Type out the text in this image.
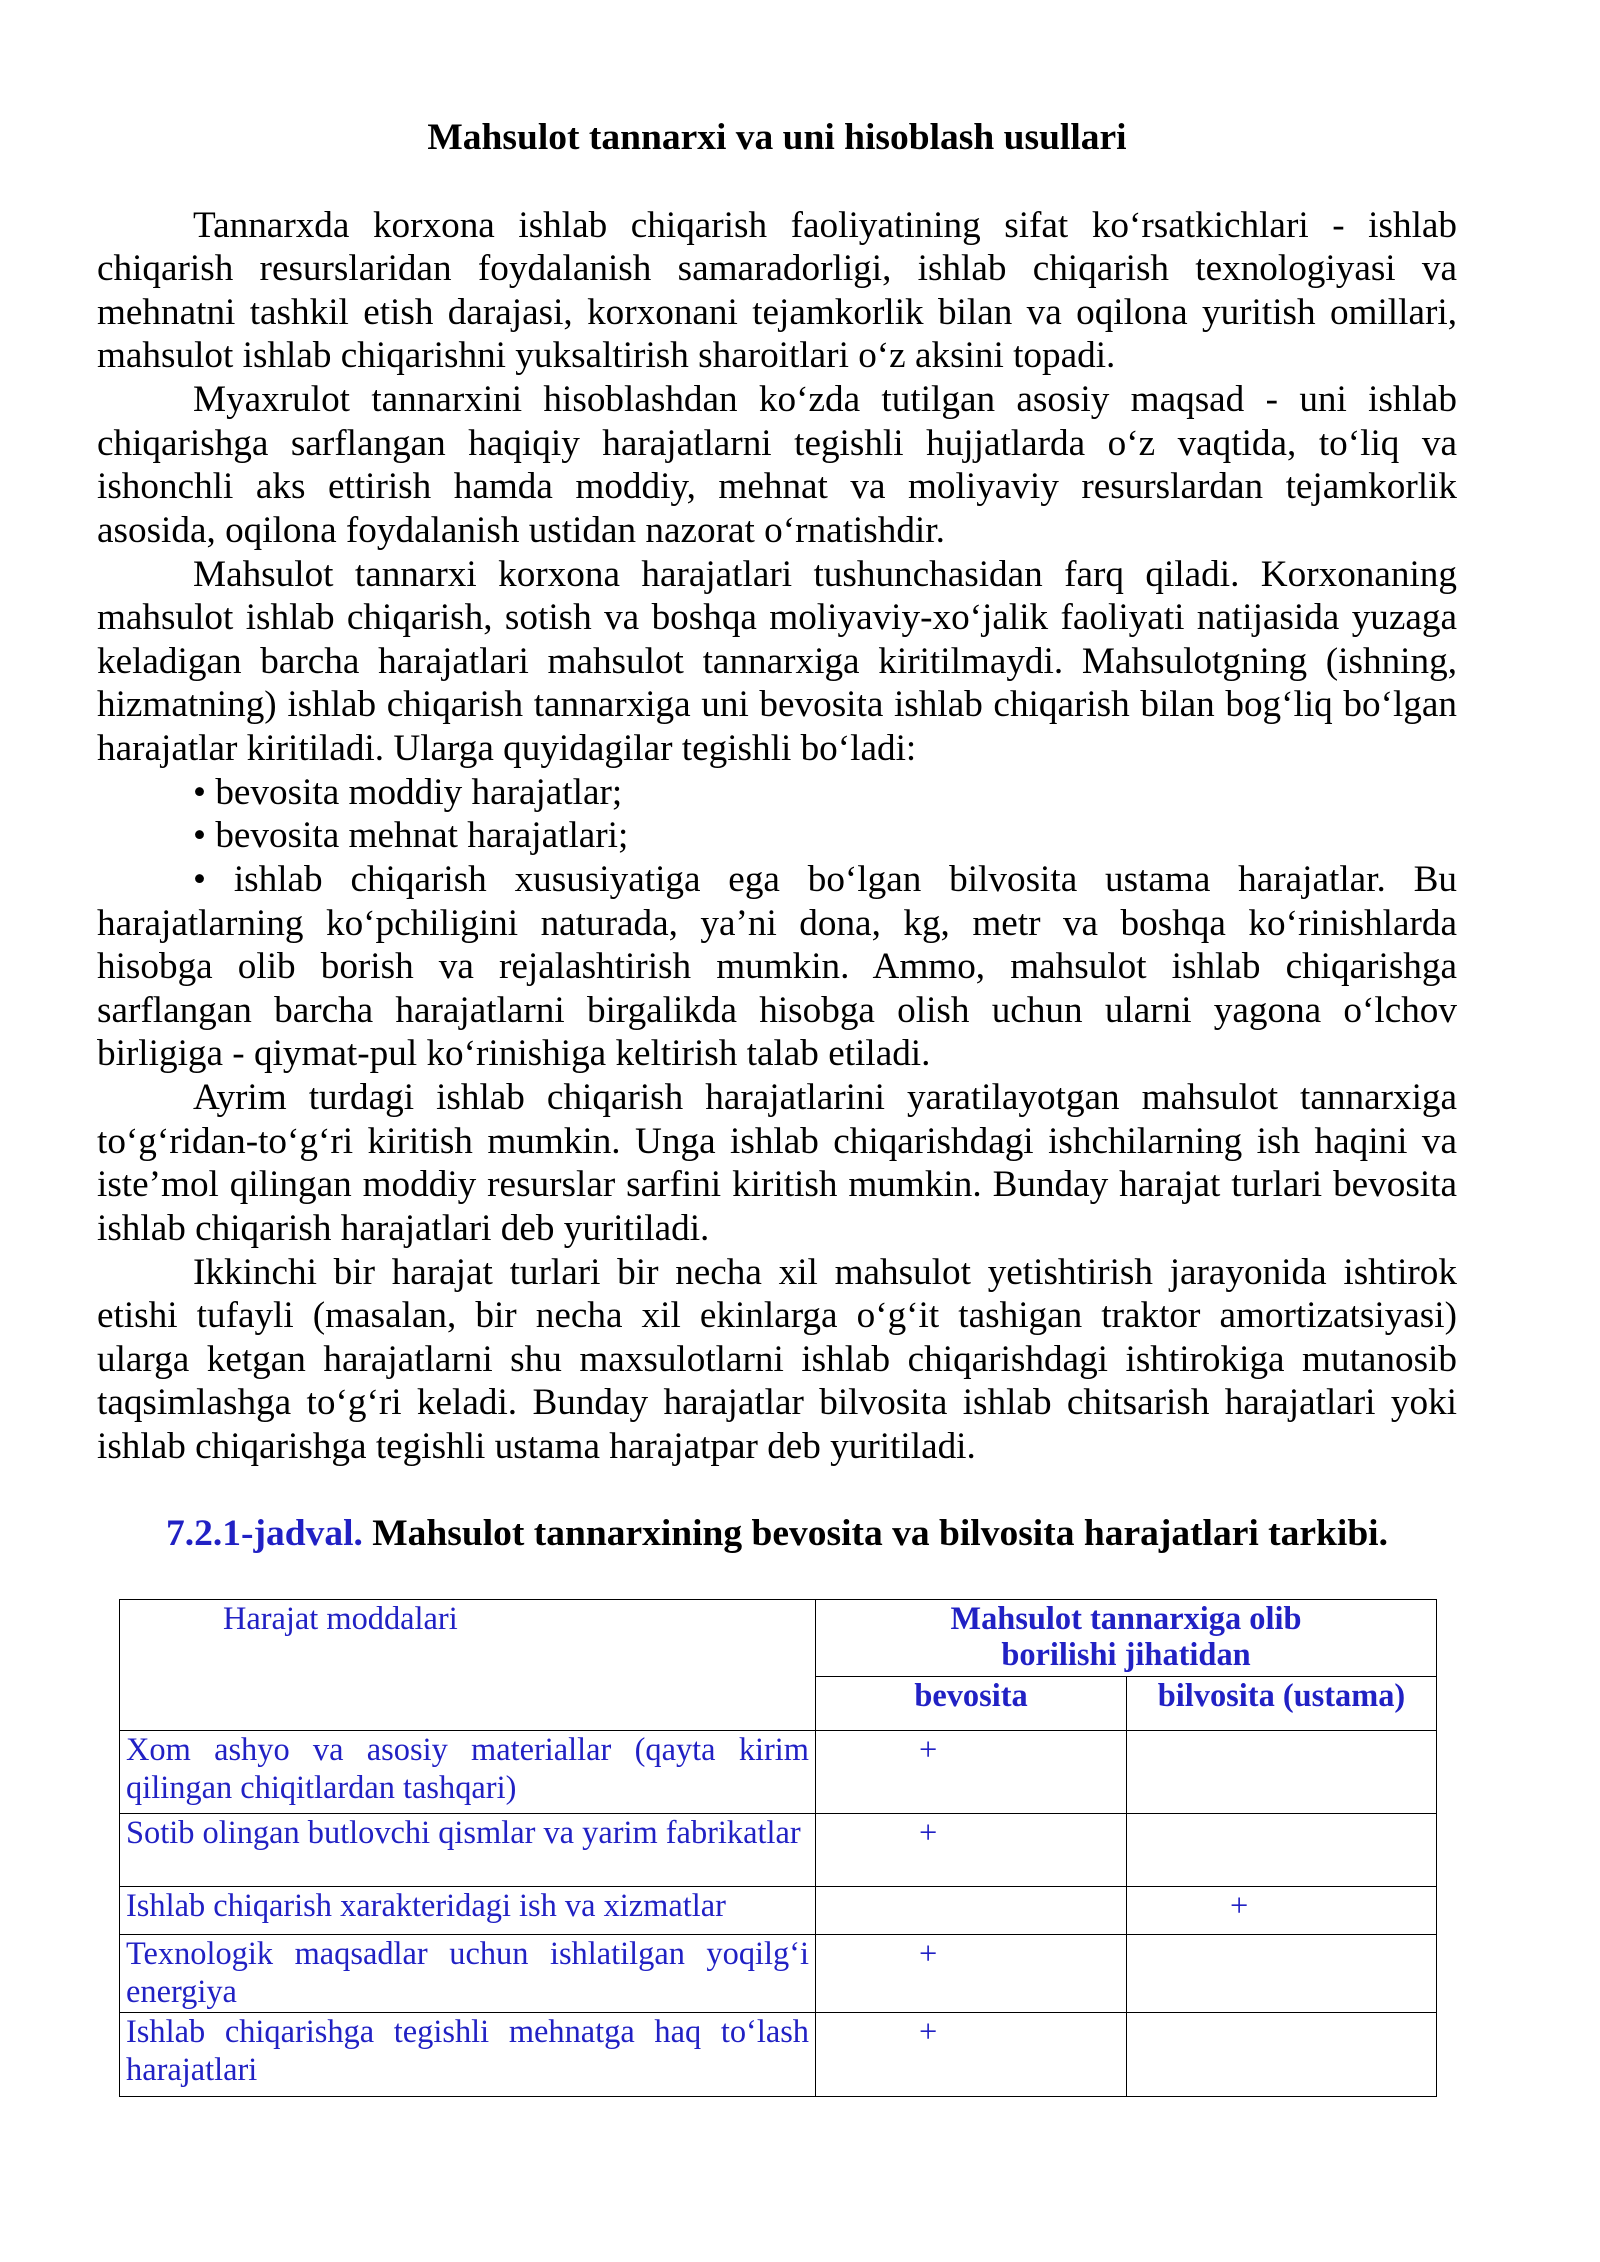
Mahsulot tannarxi va uni hisoblash usullari
Tannarxda korxona ishlab chiqarish faoliyatining sifat ko‘rsatkichlari - ishlab
chiqarish resurslaridan foydalanish samaradorligi, ishlab chiqarish texnologiyasi va
mehnatni tashkil etish darajasi, korxonani tejamkorlik bilan va oqilona yuritish omillari,
mahsulot ishlab chiqarishni yuksaltirish sharoitlari o‘z aksini topadi.
Myaxrulot tannarxini hisoblashdan ko‘zda tutilgan asosiy maqsad - uni ishlab
chiqarishga sarflangan haqiqiy harajatlarni tegishli hujjatlarda o‘z vaqtida, to‘liq va
ishonchli aks ettirish hamda moddiy, mehnat va moliyaviy resurslardan tejamkorlik
asosida, oqilona foydalanish ustidan nazorat o‘rnatishdir.
Mahsulot tannarxi korxona harajatlari tushunchasidan farq qiladi. Korxonaning
mahsulot ishlab chiqarish, sotish va boshqa moliyaviy-xo‘jalik faoliyati natijasida yuzaga
keladigan barcha harajatlari mahsulot tannarxiga kiritilmaydi. Mahsulotgning (ishning,
hizmatning) ishlab chiqarish tannarxiga uni bevosita ishlab chiqarish bilan bog‘liq bo‘lgan
harajatlar kiritiladi. Ularga quyidagilar tegishli bo‘ladi:
• bevosita moddiy harajatlar;
• bevosita mehnat harajatlari;
• ishlab chiqarish xususiyatiga ega bo‘lgan bilvosita ustama harajatlar. Bu
harajatlarning ko‘pchiligini naturada, ya’ni dona, kg, metr va boshqa ko‘rinishlarda
hisobga olib borish va rejalashtirish mumkin. Ammo, mahsulot ishlab chiqarishga
sarflangan barcha harajatlarni birgalikda hisobga olish uchun ularni yagona o‘lchov
birligiga - qiymat-pul ko‘rinishiga keltirish talab etiladi.
Ayrim turdagi ishlab chiqarish harajatlarini yaratilayotgan mahsulot tannarxiga
to‘g‘ridan-to‘g‘ri kiritish mumkin. Unga ishlab chiqarishdagi ishchilarning ish haqini va
iste’mol qilingan moddiy resurslar sarfini kiritish mumkin. Bunday harajat turlari bevosita
ishlab chiqarish harajatlari deb yuritiladi.
Ikkinchi bir harajat turlari bir necha xil mahsulot yetishtirish jarayonida ishtirok
etishi tufayli (masalan, bir necha xil ekinlarga o‘g‘it tashigan traktor amortizatsiyasi)
ularga ketgan harajatlarni shu maxsulotlarni ishlab chiqarishdagi ishtirokiga mutanosib
taqsimlashga to‘g‘ri keladi. Bunday harajatlar bilvosita ishlab chitsarish harajatlari yoki
ishlab chiqarishga tegishli ustama harajatpar deb yuritiladi.
7.2.1-jadval. Mahsulot tannarxining bevosita va bilvosita harajatlari tarkibi.
Harajat moddalari	Mahsulot tannarxiga olib
borilishi jihatidan	

	bevosita	bilvosita (ustama)

Xom ashyo va asosiy materiallar (qayta kirim
qilingan chiqitlardan tashqari)	+	

Sotib olingan butlovchi qismlar va yarim fabrikatlar	+	

Ishlab chiqarish xarakteridagi ish va xizmatlar		+

Texnologik maqsadlar uchun ishlatilgan yoqilg‘i
energiya	+	

Ishlab chiqarishga tegishli mehnatga haq to‘lash
harajatlari	+	
